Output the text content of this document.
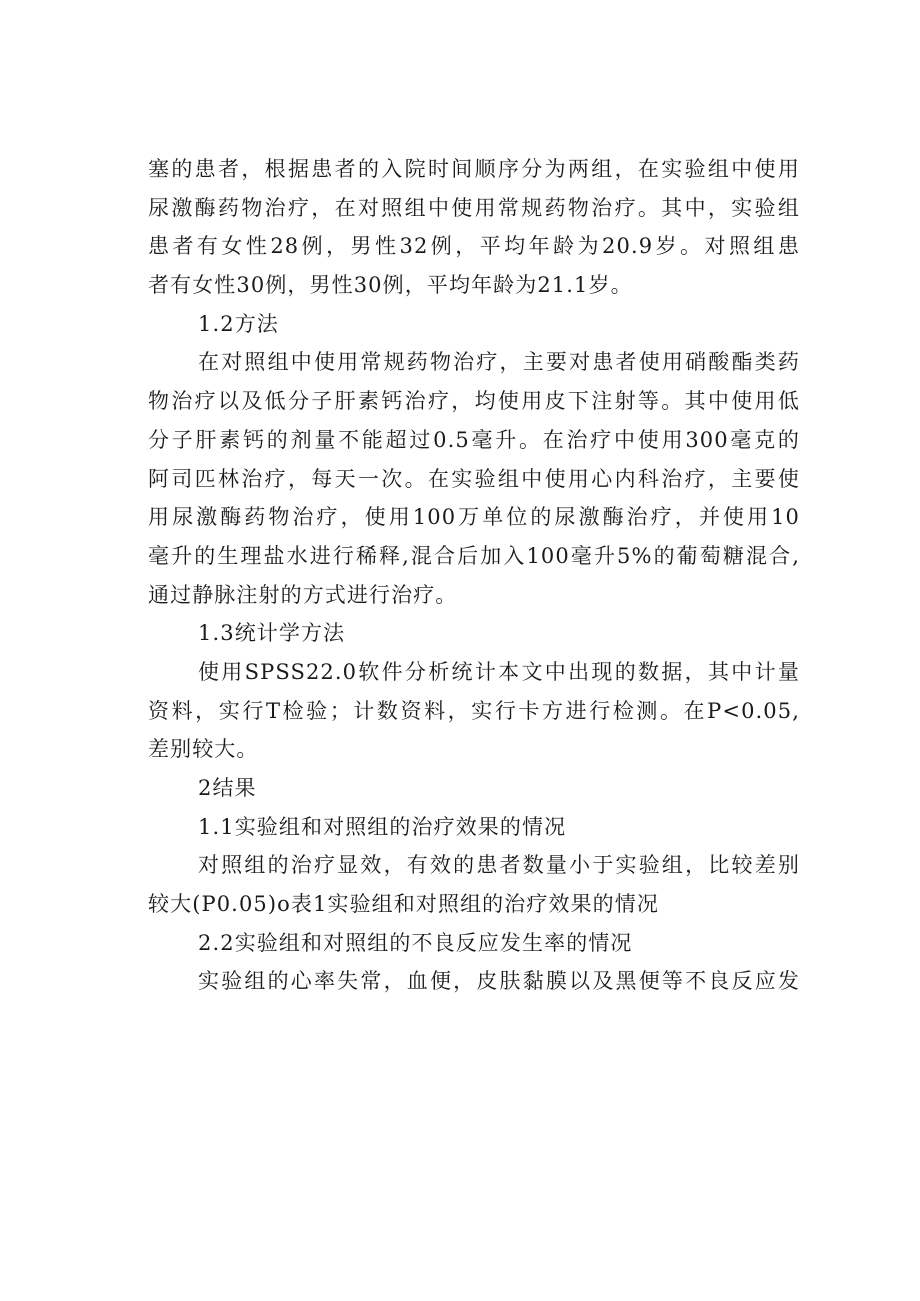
塞的患者，根据患者的入院时间顺序分为两组，在实验组中使用
尿激酶药物治疗，在对照组中使用常规药物治疗。其中，实验组
患者有女性28例，男性32例，平均年龄为20.9岁。对照组患
者有女性30例，男性30例，平均年龄为21.1岁。
1.2方法
在对照组中使用常规药物治疗，主要对患者使用硝酸酯类药
物治疗以及低分子肝素钙治疗，均使用皮下注射等。其中使用低
分子肝素钙的剂量不能超过0.5毫升。在治疗中使用300毫克的
阿司匹林治疗，每天一次。在实验组中使用心内科治疗，主要使
用尿激酶药物治疗，使用100万单位的尿激酶治疗，并使用10
毫升的生理盐水进行稀释,混合后加入100毫升5%的葡萄糖混合,
通过静脉注射的方式进行治疗。
1.3统计学方法
使用SPSS22.0软件分析统计本文中出现的数据，其中计量
资料，实行T检验；计数资料，实行卡方进行检测。在P<0.05,
差别较大。
2结果
1.1实验组和对照组的治疗效果的情况
对照组的治疗显效，有效的患者数量小于实验组，比较差别
较大(P0.05)o表1实验组和对照组的治疗效果的情况
2.2实验组和对照组的不良反应发生率的情况
实验组的心率失常，血便，皮肤黏膜以及黑便等不良反应发
